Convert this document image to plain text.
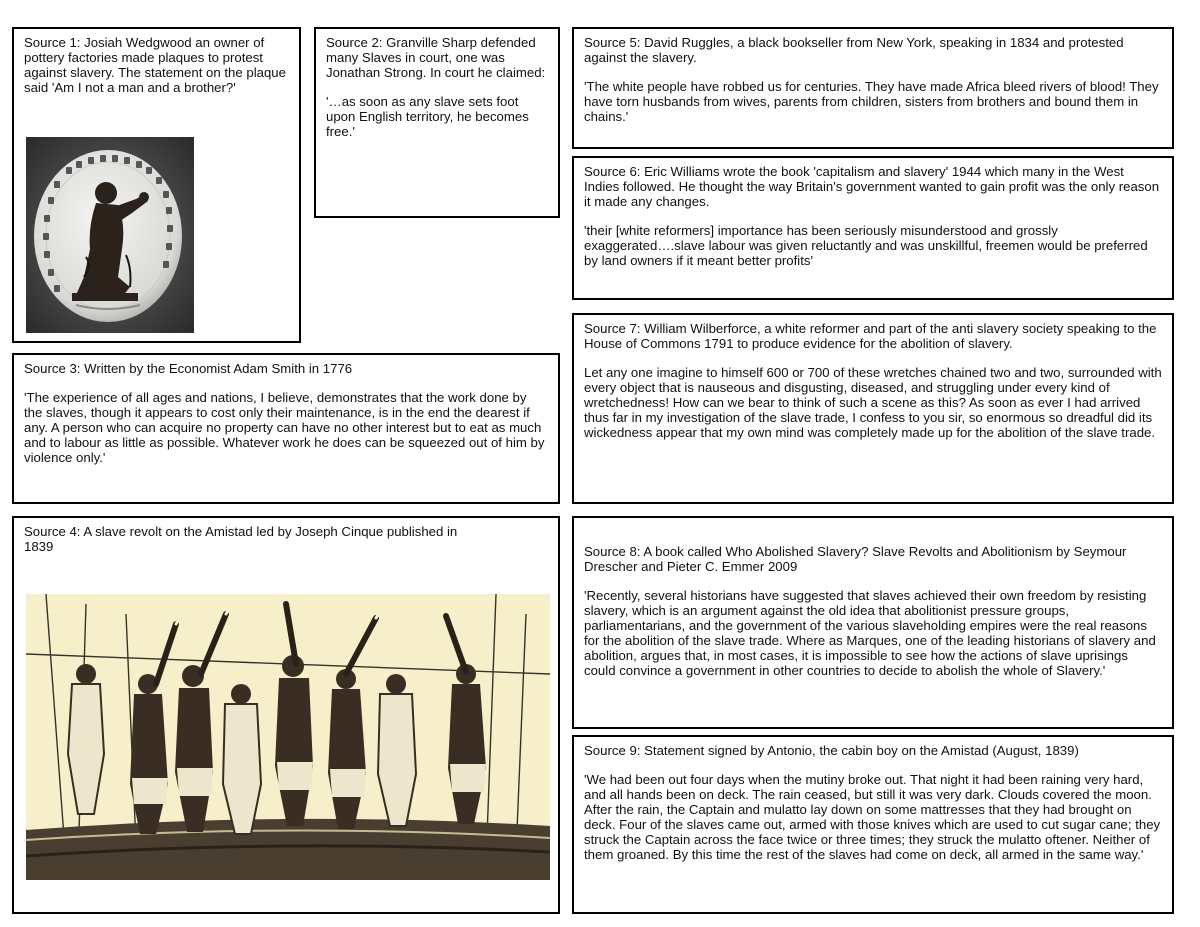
Source 1: Josiah Wedgwood an owner of pottery factories made plaques to protest against slavery. The statement on the plaque said 'Am I not a man and a brother?'

Source 2: Granville Sharp defended many Slaves in court, one was Jonathan Strong. In court he claimed:

'…as soon as any slave sets foot upon English territory, he becomes free.'

Source 3: Written by the Economist Adam Smith in 1776

'The experience of all ages and nations, I believe, demonstrates that the work done by the slaves, though it appears to cost only their maintenance, is in the end the dearest if any. A person who can acquire no property can have no other interest but to eat as much and to labour as little as possible. Whatever work he does can be squeezed out of him by violence only.'

Source 4: A slave revolt on the Amistad led by Joseph Cinque published in 1839

Source 5: David Ruggles, a black bookseller from New York, speaking in 1834 and protested against the slavery.

'The white people have robbed us for centuries. They have made Africa bleed rivers of blood! They have torn husbands from wives, parents from children, sisters from brothers and bound them in chains.'

Source 6: Eric Williams wrote the book 'capitalism and slavery' 1944 which many in the West Indies followed. He thought the way Britain's government wanted to gain profit was the only reason it made any changes.

'their [white reformers] importance has been seriously misunderstood and grossly exaggerated….slave labour was given reluctantly and was unskillful, freemen would be preferred by land owners if it meant better profits'

Source 7: William Wilberforce, a white reformer and part of the anti slavery society speaking to the House of Commons 1791 to produce evidence for the abolition of slavery.

Let any one imagine to himself 600 or 700 of these wretches chained two and two, surrounded with every object that is nauseous and disgusting, diseased, and struggling under every kind of wretchedness! How can we bear to think of such a scene as this? As soon as ever I had arrived thus far in my investigation of the slave trade, I confess to you sir, so enormous so dreadful did its wickedness appear that my own mind was completely made up for the abolition of the slave trade.

Source 8: A book called Who Abolished Slavery? Slave Revolts and Abolitionism by Seymour Drescher and Pieter C. Emmer 2009

'Recently, several historians have suggested that slaves achieved their own freedom by resisting slavery, which is an argument against the old idea that abolitionist pressure groups, parliamentarians, and the government of the various slaveholding empires were the real reasons for the abolition of the slave trade. Where as Marques, one of the leading historians of slavery and abolition, argues that, in most cases, it is impossible to see how the actions of slave uprisings could convince a government in other countries to decide to abolish the whole of Slavery.'

Source 9: Statement signed by Antonio, the cabin boy on the Amistad (August, 1839)

'We had been out four days when the mutiny broke out. That night it had been raining very hard, and all hands been on deck. The rain ceased, but still it was very dark. Clouds covered the moon. After the rain, the Captain and mulatto lay down on some mattresses that they had brought on deck. Four of the slaves came out, armed with those knives which are used to cut sugar cane; they struck the Captain across the face twice or three times; they struck the mulatto oftener. Neither of them groaned. By this time the rest of the slaves had come on deck, all armed in the same way.'
